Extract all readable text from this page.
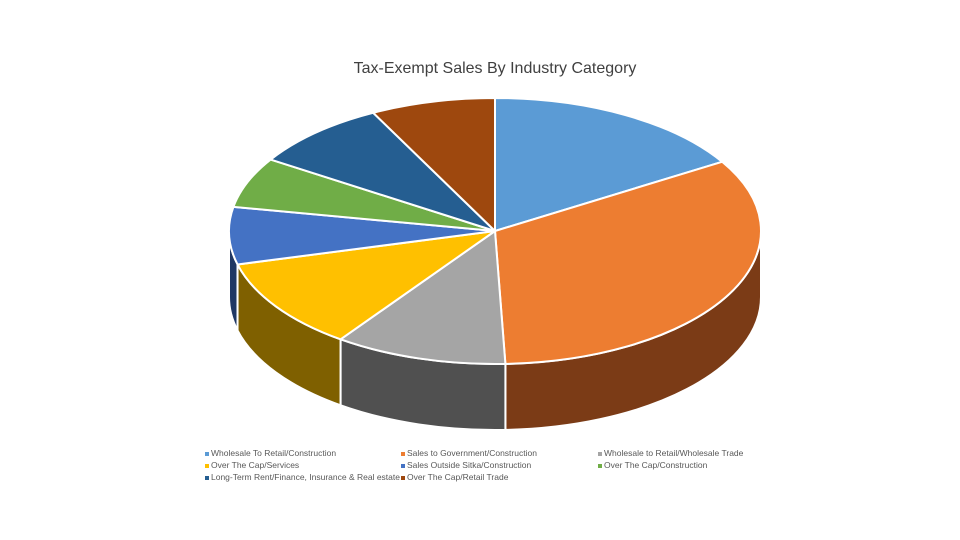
Tax-Exempt Sales By Industry Category
Wholesale To Retail/Construction	Sales to Government/Construction	Wholesale to Retail/Wholesale Trade
Over The Cap/Services	Sales Outside Sitka/Construction	Over The Cap/Construction
Long-Term Rent/Finance, Insurance & Real estate Over The Cap/Retail Trade
